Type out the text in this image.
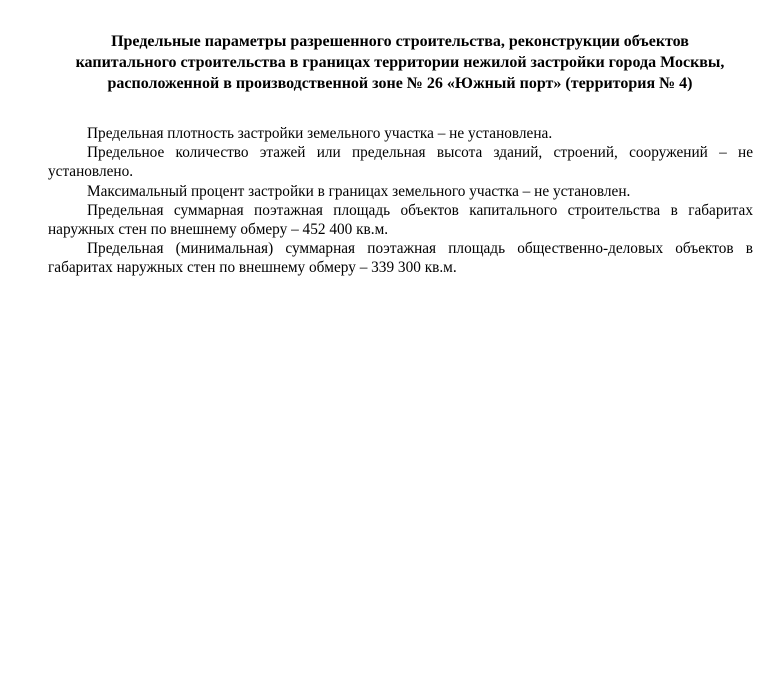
Предельные параметры разрешенного строительства, реконструкции объектов
капитального строительства в границах территории нежилой застройки города Москвы,
расположенной в производственной зоне № 26 «Южный порт» (территория № 4)

Предельная плотность застройки земельного участка – не установлена.

Предельное количество этажей или предельная высота зданий, строений, сооружений – не установлено.

Максимальный процент застройки в границах земельного участка – не установлен.

Предельная суммарная поэтажная площадь объектов капитального строительства в габаритах наружных стен по внешнему обмеру – 452 400 кв.м.

Предельная (минимальная) суммарная поэтажная площадь общественно-деловых объектов в габаритах наружных стен по внешнему обмеру – 339 300 кв.м.
